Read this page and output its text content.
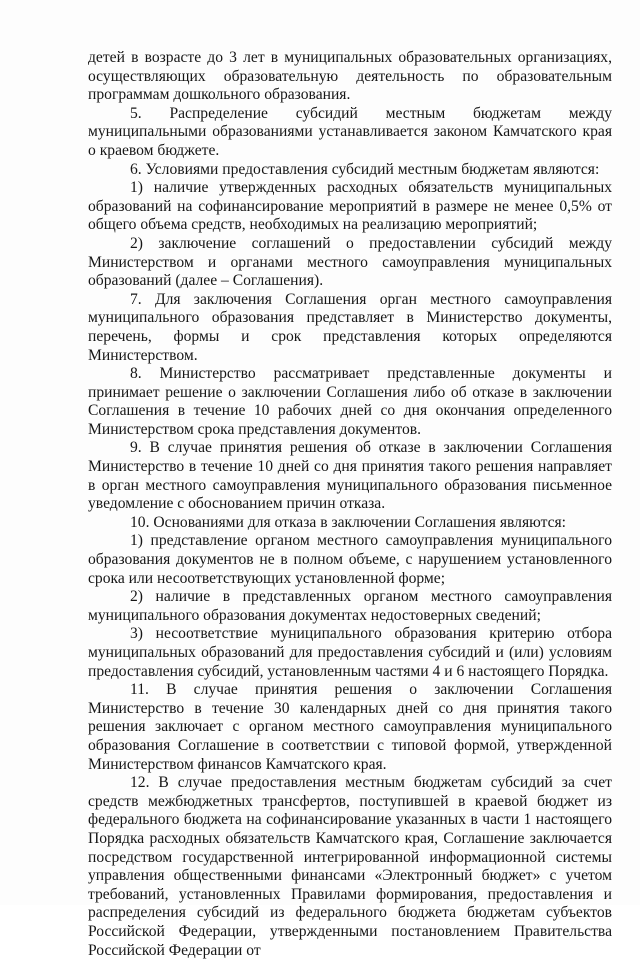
детей в возрасте до 3 лет в муниципальных образовательных организациях, осуществляющих образовательную деятельность по образовательным программам дошкольного образования.

5. Распределение субсидий местным бюджетам между муниципальными образованиями устанавливается законом Камчатского края о краевом бюджете.

6. Условиями предоставления субсидий местным бюджетам являются:

1) наличие утвержденных расходных обязательств муниципальных образований на софинансирование мероприятий в размере не менее 0,5% от общего объема средств, необходимых на реализацию мероприятий;

2) заключение соглашений о предоставлении субсидий между Министерством и органами местного самоуправления муниципальных образований (далее – Соглашения).

7. Для заключения Соглашения орган местного самоуправления муниципального образования представляет в Министерство документы, перечень, формы и срок представления которых определяются Министерством.

8. Министерство рассматривает представленные документы и принимает решение о заключении Соглашения либо об отказе в заключении Соглашения в течение 10 рабочих дней со дня окончания определенного Министерством срока представления документов.

9. В случае принятия решения об отказе в заключении Соглашения Министерство в течение 10 дней со дня принятия такого решения направляет в орган местного самоуправления муниципального образования письменное уведомление с обоснованием причин отказа.

10. Основаниями для отказа в заключении Соглашения являются:

1) представление органом местного самоуправления муниципального образования документов не в полном объеме, с нарушением установленного срока или несоответствующих установленной форме;

2) наличие в представленных органом местного самоуправления муниципального образования документах недостоверных сведений;

3) несоответствие муниципального образования критерию отбора муниципальных образований для предоставления субсидий и (или) условиям предоставления субсидий, установленным частями 4 и 6 настоящего Порядка.

11. В случае принятия решения о заключении Соглашения Министерство в течение 30 календарных дней со дня принятия такого решения заключает с органом местного самоуправления муниципального образования Соглашение в соответствии с типовой формой, утвержденной Министерством финансов Камчатского края.

12. В случае предоставления местным бюджетам субсидий за счет средств межбюджетных трансфертов, поступившей в краевой бюджет из федерального бюджета на софинансирование указанных в части 1 настоящего Порядка расходных обязательств Камчатского края, Соглашение заключается посредством государственной интегрированной информационной системы управления общественными финансами «Электронный бюджет» с учетом требований, установленных Правилами формирования, предоставления и распределения субсидий из федерального бюджета бюджетам субъектов Российской Федерации, утвержденными постановлением Правительства Российской Федерации от
